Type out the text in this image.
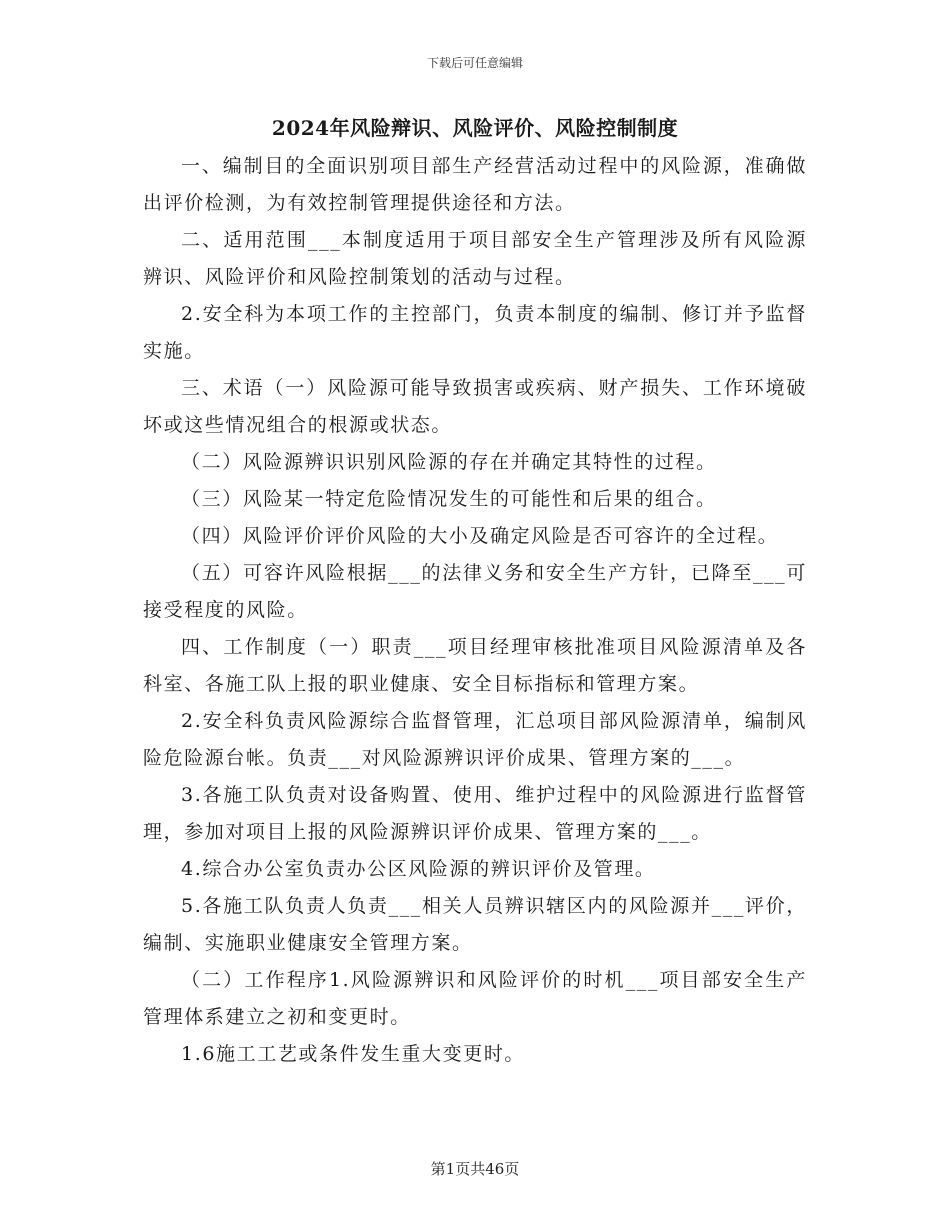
下载后可任意编辑
2024年风险辩识、风险评价、风险控制制度

一、编制目的全面识别项目部生产经营活动过程中的风险源，准确做出评价检测，为有效控制管理提供途径和方法。

二、适用范围___本制度适用于项目部安全生产管理涉及所有风险源辨识、风险评价和风险控制策划的活动与过程。

2.安全科为本项工作的主控部门，负责本制度的编制、修订并予监督实施。

三、术语（一）风险源可能导致损害或疾病、财产损失、工作环境破坏或这些情况组合的根源或状态。

（二）风险源辨识识别风险源的存在并确定其特性的过程。

（三）风险某一特定危险情况发生的可能性和后果的组合。

（四）风险评价评价风险的大小及确定风险是否可容许的全过程。

（五）可容许风险根据___的法律义务和安全生产方针，已降至___可接受程度的风险。

四、工作制度（一）职责___项目经理审核批准项目风险源清单及各科室、各施工队上报的职业健康、安全目标指标和管理方案。

2.安全科负责风险源综合监督管理，汇总项目部风险源清单，编制风险危险源台帐。负责___对风险源辨识评价成果、管理方案的___。

3.各施工队负责对设备购置、使用、维护过程中的风险源进行监督管理，参加对项目上报的风险源辨识评价成果、管理方案的___。

4.综合办公室负责办公区风险源的辨识评价及管理。

5.各施工队负责人负责___相关人员辨识辖区内的风险源并___评价，编制、实施职业健康安全管理方案。

（二）工作程序1.风险源辨识和风险评价的时机___项目部安全生产管理体系建立之初和变更时。

1.6施工工艺或条件发生重大变更时。

第1页共46页
